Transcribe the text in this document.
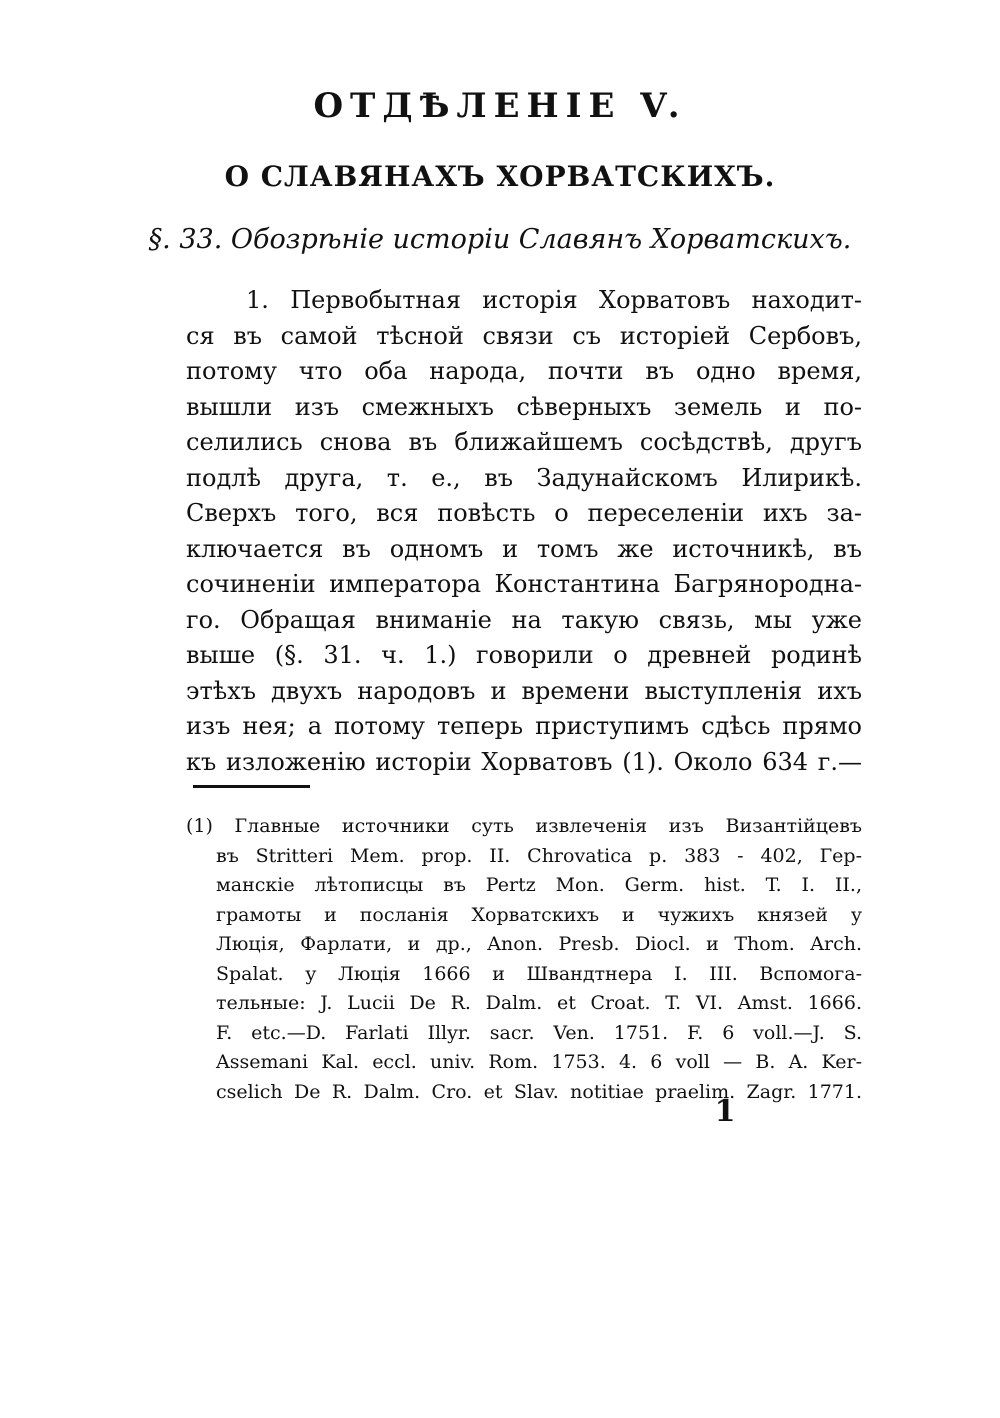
ОТДѢЛЕНІЕ V.
О СЛАВЯНАХЪ ХОРВАТСКИХЪ.
§. 33. Обозрѣніе исторіи Славянъ Хорватскихъ.
1. Первобытная исторія Хорватовъ находит-
ся въ самой тѣсной связи съ исторіей Сербовъ,
потому что оба народа, почти въ одно время,
вышли изъ смежныхъ сѣверныхъ земель и по-
селились снова въ ближайшемъ сосѣдствѣ, другъ
подлѣ друга, т. е., въ Задунайскомъ Илирикѣ.
Сверхъ того, вся повѣсть о переселеніи ихъ за-
ключается въ одномъ и томъ же источникѣ, въ
сочиненіи императора Константина Багрянороднa-
го. Обращая вниманіе на такую связь, мы уже
выше (§. 31. ч. 1.) говорили о древней родинѣ
этѣхъ двухъ народовъ и времени выступленія ихъ
изъ нея; а потому теперь приступимъ сдѣсь прямо
къ изложенію исторіи Хорватовъ (1). Около 634 г.—
(1) Главные источники суть извлеченія изъ Византійцевъ
въ Stritteri Mem. prop. II. Chrovatica p. 383 - 402, Гер-
манскіе лѣтописцы въ Pertz Mon. Germ. hist. T. I. II.,
грамоты и посланія Хорватскихъ и чужихъ князей у
Люція, Фарлати, и др., Anon. Presb. Diocl. и Thom. Arch.
Spalat. у Люція 1666 и Швандтнера I. III. Вспомога-
тельные: J. Lucii De R. Dalm. et Croat. T. VI. Amst. 1666.
F. etc.—D. Farlati Illyr. sacr. Ven. 1751. F. 6 voll.—J. S.
Assemani Kal. eccl. univ. Rom. 1753. 4. 6 voll — B. A. Ker-
cselich De R. Dalm. Cro. et Slav. notitiae praelim. Zagr. 1771.
1
